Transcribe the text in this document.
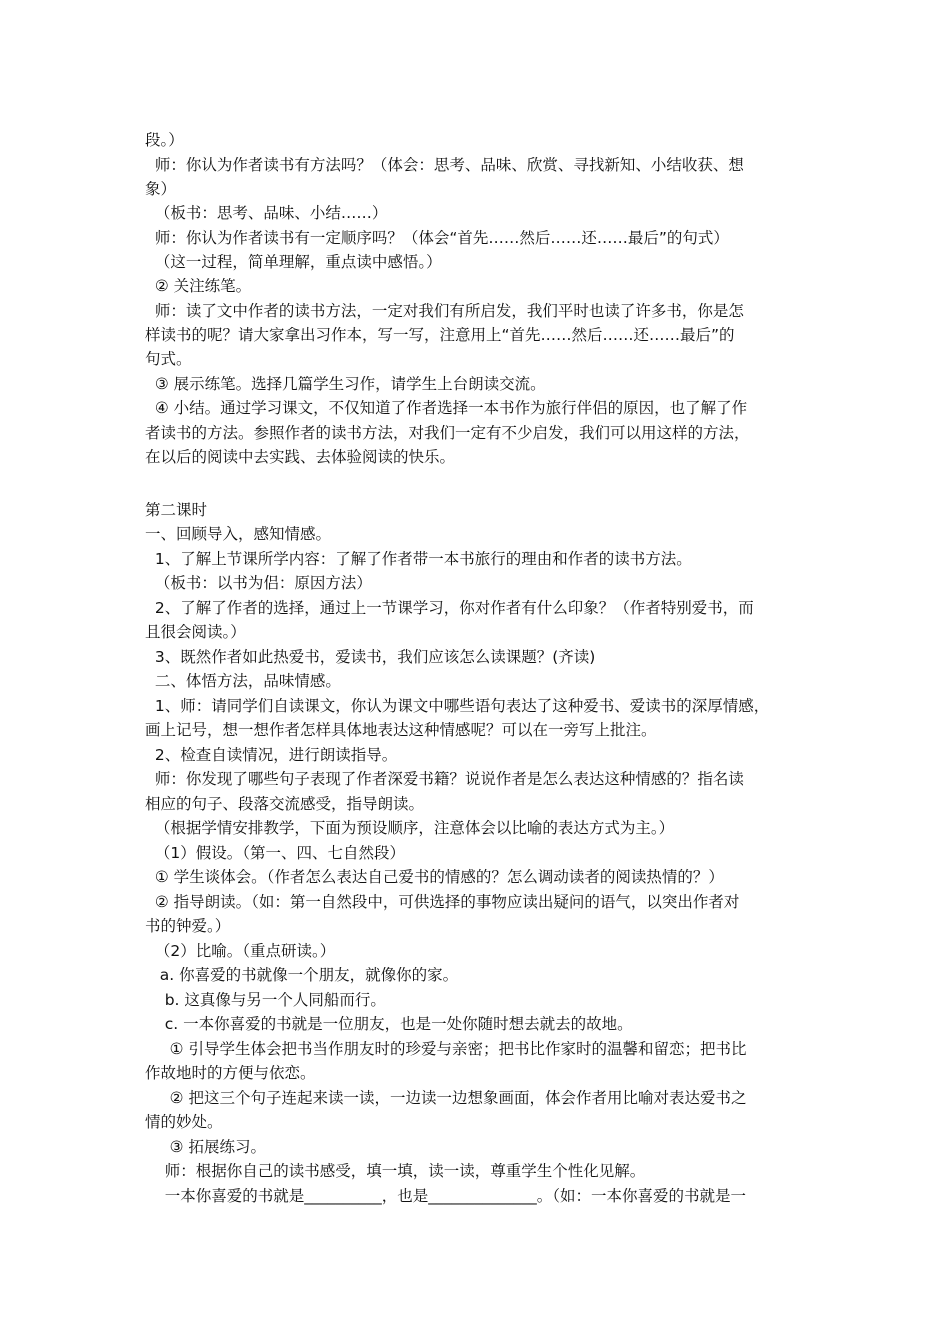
段。）
师：你认为作者读书有方法吗？（体会：思考、品味、欣赏、寻找新知、小结收获、想
象）
（板书：思考、品味、小结……）
师：你认为作者读书有一定顺序吗？（体会“首先……然后……还……最后”的句式）
（这一过程，简单理解，重点读中感悟。）
② 关注练笔。
师：读了文中作者的读书方法，一定对我们有所启发，我们平时也读了许多书，你是怎
样读书的呢？请大家拿出习作本，写一写，注意用上“首先……然后……还……最后”的
句式。
③ 展示练笔。选择几篇学生习作，请学生上台朗读交流。
④ 小结。通过学习课文，不仅知道了作者选择一本书作为旅行伴侣的原因，也了解了作
者读书的方法。参照作者的读书方法，对我们一定有不少启发，我们可以用这样的方法，
在以后的阅读中去实践、去体验阅读的快乐。
第二课时
一、回顾导入，感知情感。
1、了解上节课所学内容：了解了作者带一本书旅行的理由和作者的读书方法。
（板书：以书为侣：原因方法）
2、了解了作者的选择，通过上一节课学习，你对作者有什么印象？（作者特别爱书，而
且很会阅读。）
3、既然作者如此热爱书，爱读书，我们应该怎么读课题？(齐读)
二、体悟方法，品味情感。
1、师：请同学们自读课文，你认为课文中哪些语句表达了这种爱书、爱读书的深厚情感，
画上记号，想一想作者怎样具体地表达这种情感呢？可以在一旁写上批注。
2、检查自读情况，进行朗读指导。
师：你发现了哪些句子表现了作者深爱书籍？说说作者是怎么表达这种情感的？指名读
相应的句子、段落交流感受，指导朗读。
（根据学情安排教学，下面为预设顺序，注意体会以比喻的表达方式为主。）
（1）假设。（第一、四、七自然段）
① 学生谈体会。（作者怎么表达自己爱书的情感的？怎么调动读者的阅读热情的？）
② 指导朗读。（如：第一自然段中，可供选择的事物应读出疑问的语气，以突出作者对
书的钟爱。）
（2）比喻。（重点研读。）
a. 你喜爱的书就像一个朋友，就像你的家。
b. 这真像与另一个人同船而行。
c. 一本你喜爱的书就是一位朋友，也是一处你随时想去就去的故地。
① 引导学生体会把书当作朋友时的珍爱与亲密；把书比作家时的温馨和留恋；把书比
作故地时的方便与依恋。
② 把这三个句子连起来读一读，一边读一边想象画面，体会作者用比喻对表达爱书之
情的妙处。
③ 拓展练习。
师：根据你自己的读书感受，填一填，读一读，尊重学生个性化见解。
一本你喜爱的书就是__________，也是______________。（如：一本你喜爱的书就是一
